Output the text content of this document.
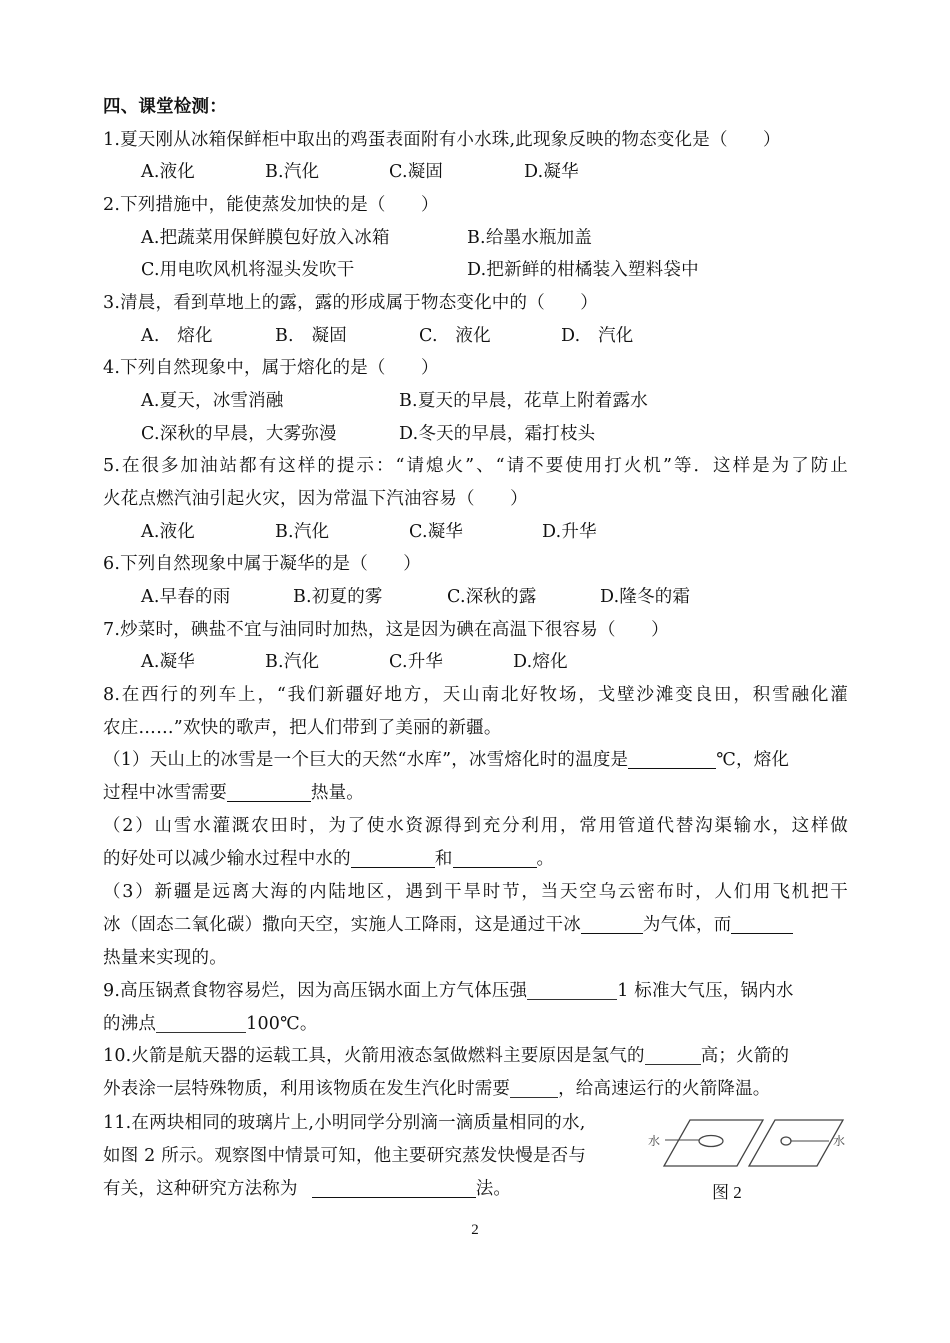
四、课堂检测：
1.夏天刚从冰箱保鲜柜中取出的鸡蛋表面附有小水珠,此现象反映的物态变化是（　　）
A.液化	B.汽化	C.凝固	D.凝华
2.下列措施中，能使蒸发加快的是（　　）
A.把蔬菜用保鲜膜包好放入冰箱	B.给墨水瓶加盖
C.用电吹风机将湿头发吹干	D.把新鲜的柑橘装入塑料袋中
3.清晨，看到草地上的露，露的形成属于物态变化中的（　　）
A.　熔化	B.　凝固	C.　液化	D.　汽化
4.下列自然现象中，属于熔化的是（　　）
A.夏天，冰雪消融	B.夏天的早晨，花草上附着露水
C.深秋的早晨，大雾弥漫	D.冬天的早晨，霜打枝头
5.在很多加油站都有这样的提示：“请熄火”、“请不要使用打火机”等．这样是为了防止
火花点燃汽油引起火灾，因为常温下汽油容易（　　）
A.液化	B.汽化	C.凝华	D.升华
6.下列自然现象中属于凝华的是（　　）
A.早春的雨	B.初夏的雾	C.深秋的露	D.隆冬的霜
7.炒菜时，碘盐不宜与油同时加热，这是因为碘在高温下很容易（　　）
A.凝华	B.汽化	C.升华	D.熔化
8.在西行的列车上，“我们新疆好地方，天山南北好牧场，戈壁沙滩变良田，积雪融化灌
农庄……”欢快的歌声，把人们带到了美丽的新疆。
（1）天山上的冰雪是一个巨大的天然“水库”，冰雪熔化时的温度是	℃，熔化
过程中冰雪需要	热量。
（2）山雪水灌溉农田时，为了使水资源得到充分利用，常用管道代替沟渠输水，这样做
的好处可以减少输水过程中水的	和	。
（3）新疆是远离大海的内陆地区，遇到干旱时节，当天空乌云密布时，人们用飞机把干
冰（固态二氧化碳）撒向天空，实施人工降雨，这是通过干冰	为气体，而
热量来实现的。
9.高压锅煮食物容易烂，因为高压锅水面上方气体压强	1 标准大气压，锅内水
的沸点	100℃。
10.火箭是航天器的运载工具，火箭用液态氢做燃料主要原因是氢气的	高；火箭的
外表涂一层特殊物质，利用该物质在发生汽化时需要	，给高速运行的火箭降温。
11.在两块相同的玻璃片上,小明同学分别滴一滴质量相同的水,
如图 2 所示。观察图中情景可知，他主要研究蒸发快慢是否与
有关，这种研究方法称为	法。
水	水
图 2
2
